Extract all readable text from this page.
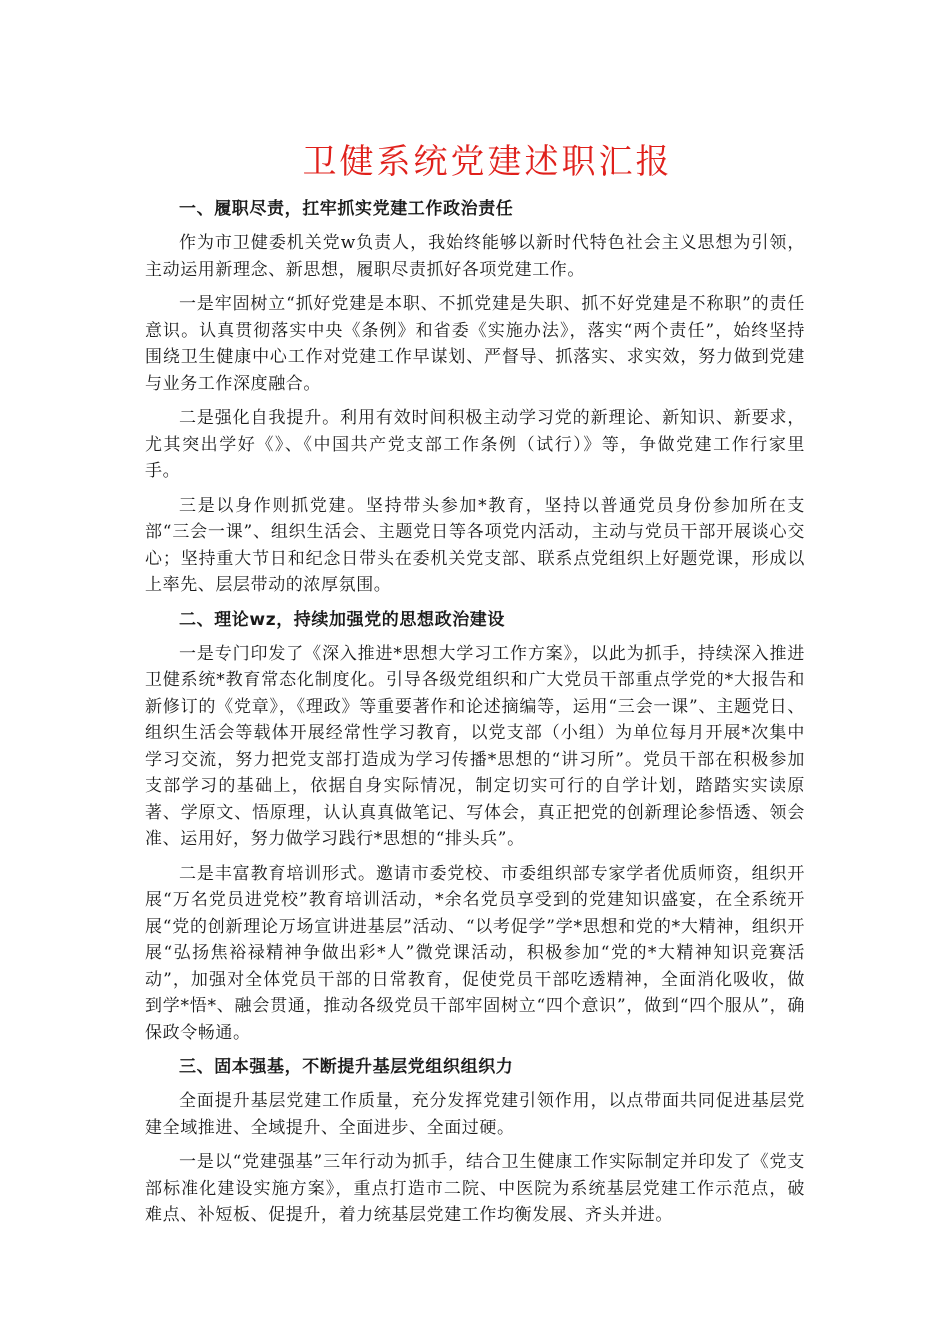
卫健系统党建述职汇报
一、履职尽责，扛牢抓实党建工作政治责任

作为市卫健委机关党w负责人，我始终能够以新时代特色社会主义思想为引领，主动运用新理念、新思想，履职尽责抓好各项党建工作。

一是牢固树立“抓好党建是本职、不抓党建是失职、抓不好党建是不称职”的责任意识。认真贯彻落实中央《条例》和省委《实施办法》，落实“两个责任”，始终坚持围绕卫生健康中心工作对党建工作早谋划、严督导、抓落实、求实效，努力做到党建与业务工作深度融合。

二是强化自我提升。利用有效时间积极主动学习党的新理论、新知识、新要求，尤其突出学好《》、《中国共产党支部工作条例（试行）》等，争做党建工作行家里手。

三是以身作则抓党建。坚持带头参加*教育，坚持以普通党员身份参加所在支部“三会一课”、组织生活会、主题党日等各项党内活动，主动与党员干部开展谈心交心；坚持重大节日和纪念日带头在委机关党支部、联系点党组织上好题党课，形成以上率先、层层带动的浓厚氛围。

二、理论wz，持续加强党的思想政治建设

一是专门印发了《深入推进*思想大学习工作方案》，以此为抓手，持续深入推进卫健系统*教育常态化制度化。引导各级党组织和广大党员干部重点学党的*大报告和新修订的《党章》，《理政》等重要著作和论述摘编等，运用“三会一课”、主题党日、组织生活会等载体开展经常性学习教育，以党支部（小组）为单位每月开展*次集中学习交流，努力把党支部打造成为学习传播*思想的“讲习所”。党员干部在积极参加支部学习的基础上，依据自身实际情况，制定切实可行的自学计划，踏踏实实读原著、学原文、悟原理，认认真真做笔记、写体会，真正把党的创新理论参悟透、领会准、运用好，努力做学习践行*思想的“排头兵”。

二是丰富教育培训形式。邀请市委党校、市委组织部专家学者优质师资，组织开展“万名党员进党校”教育培训活动，*余名党员享受到的党建知识盛宴，在全系统开展“党的创新理论万场宣讲进基层”活动、“以考促学”学*思想和党的*大精神，组织开展“弘扬焦裕禄精神争做出彩*人”微党课活动，积极参加“党的*大精神知识竞赛活动”，加强对全体党员干部的日常教育，促使党员干部吃透精神，全面消化吸收，做到学*悟*、融会贯通，推动各级党员干部牢固树立“四个意识”，做到“四个服从”，确保政令畅通。

三、固本强基，不断提升基层党组织组织力

全面提升基层党建工作质量，充分发挥党建引领作用，以点带面共同促进基层党建全域推进、全域提升、全面进步、全面过硬。

一是以“党建强基”三年行动为抓手，结合卫生健康工作实际制定并印发了《党支部标准化建设实施方案》，重点打造市二院、中医院为系统基层党建工作示范点，破难点、补短板、促提升，着力统基层党建工作均衡发展、齐头并进。
